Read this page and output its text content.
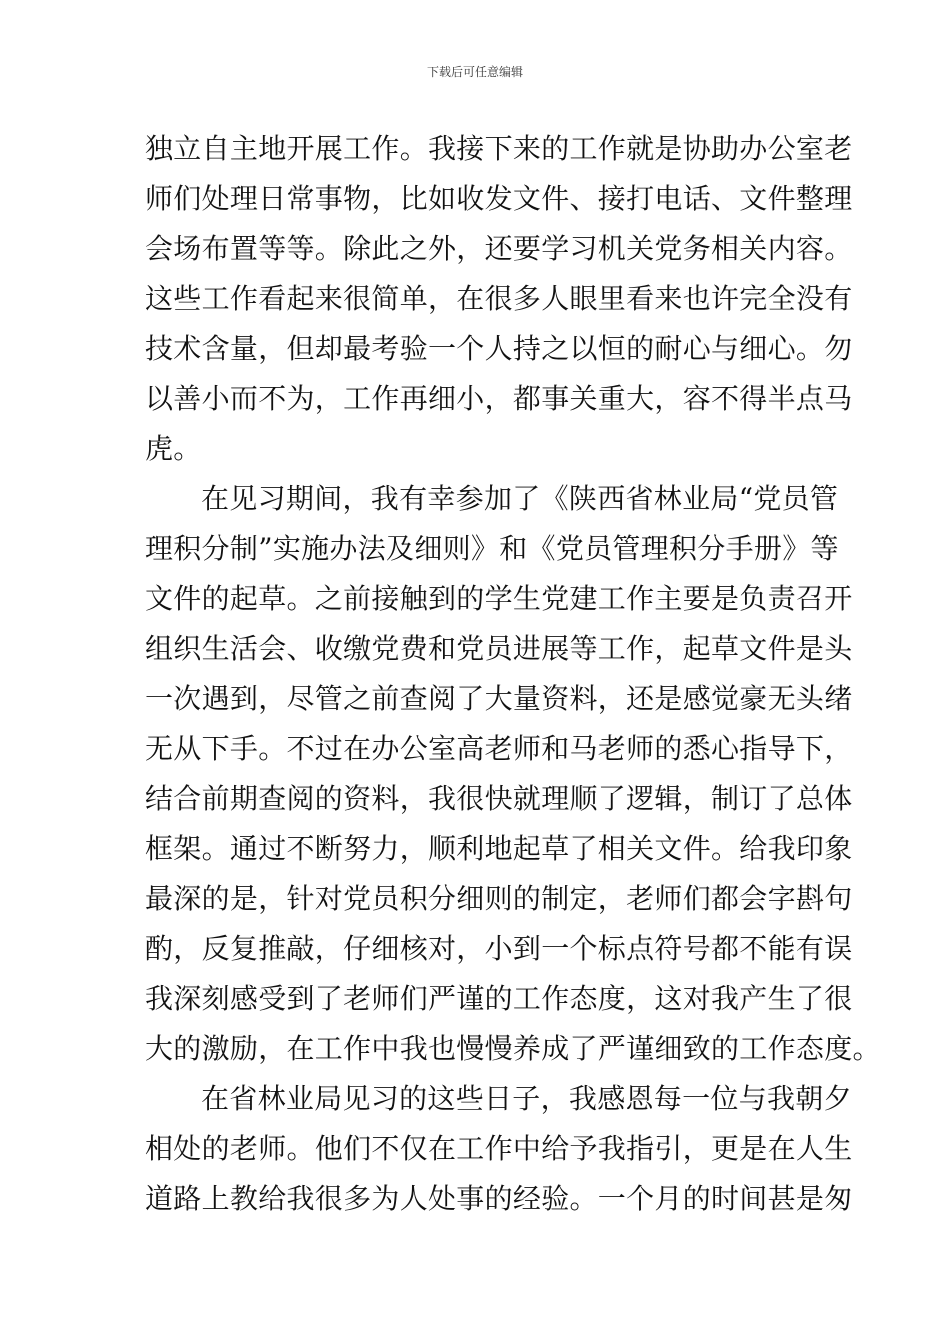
下载后可任意编辑
独立自主地开展工作。我接下来的工作就是协助办公室老
师们处理日常事物，比如收发文件、接打电话、文件整理
会场布置等等。除此之外，还要学习机关党务相关内容。
这些工作看起来很简单，在很多人眼里看来也许完全没有
技术含量，但却最考验一个人持之以恒的耐心与细心。勿
以善小而不为，工作再细小，都事关重大，容不得半点马
虎。
在见习期间，我有幸参加了《陕西省林业局“党员管
理积分制”实施办法及细则》和《党员管理积分手册》等
文件的起草。之前接触到的学生党建工作主要是负责召开
组织生活会、收缴党费和党员进展等工作，起草文件是头
一次遇到，尽管之前查阅了大量资料，还是感觉豪无头绪
无从下手。不过在办公室高老师和马老师的悉心指导下，
结合前期查阅的资料，我很快就理顺了逻辑，制订了总体
框架。通过不断努力，顺利地起草了相关文件。给我印象
最深的是，针对党员积分细则的制定，老师们都会字斟句
酌，反复推敲，仔细核对，小到一个标点符号都不能有误
我深刻感受到了老师们严谨的工作态度，这对我产生了很
大的激励，在工作中我也慢慢养成了严谨细致的工作态度。
在省林业局见习的这些日子，我感恩每一位与我朝夕
相处的老师。他们不仅在工作中给予我指引，更是在人生
道路上教给我很多为人处事的经验。一个月的时间甚是匆
